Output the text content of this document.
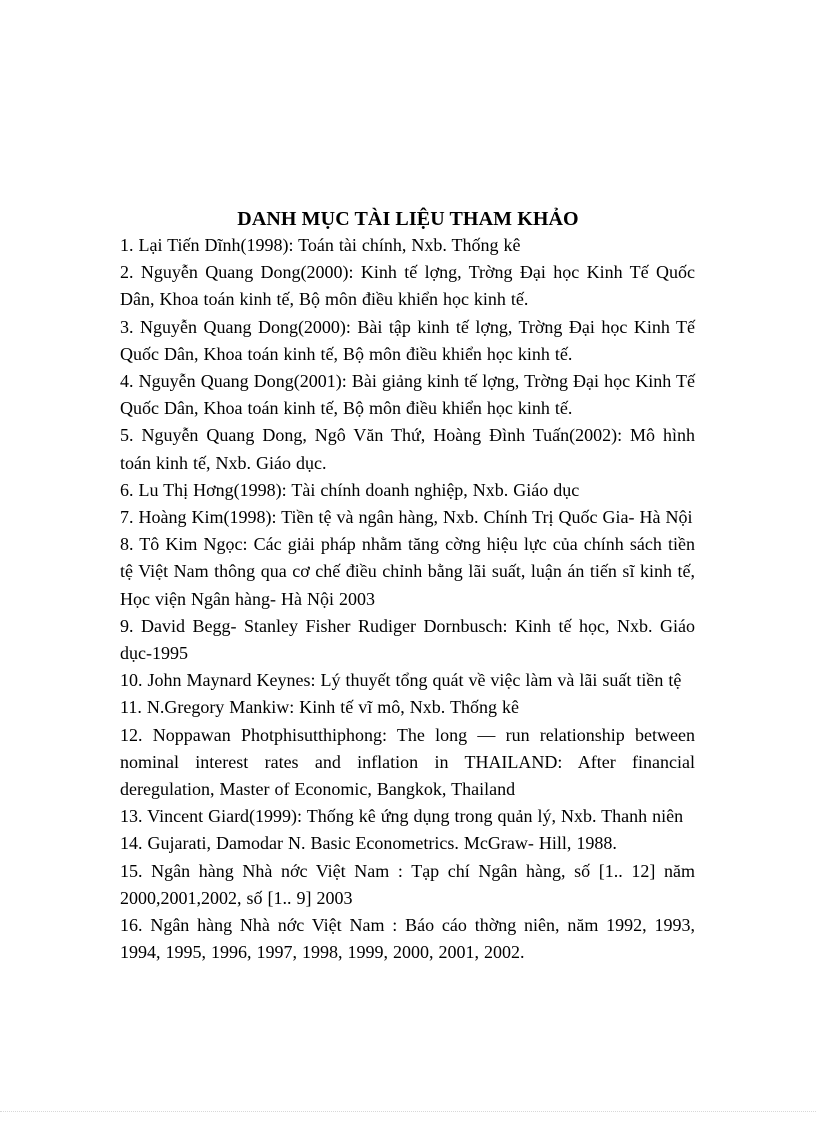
DANH MỤC TÀI LIỆU THAM KHẢO
1. Lại Tiến Dĩnh(1998): Toán tài chính, Nxb. Thống kê
2. Nguyễn Quang Dong(2000): Kinh tế lợng, Trờng Đại học Kinh Tế Quốc Dân, Khoa toán kinh tế, Bộ môn điều khiển học kinh tế.
3. Nguyễn Quang Dong(2000): Bài tập kinh tế lợng, Trờng Đại học Kinh Tế Quốc Dân, Khoa toán kinh tế, Bộ môn điều khiển học kinh tế.
4. Nguyễn Quang Dong(2001): Bài giảng kinh tế lợng, Trờng Đại học Kinh Tế Quốc Dân, Khoa toán kinh tế, Bộ môn điều khiển học kinh tế.
5. Nguyễn Quang Dong, Ngô Văn Thứ, Hoàng Đình Tuấn(2002): Mô hình toán kinh tế, Nxb. Giáo dục.
6. Lu Thị Hơng(1998): Tài chính doanh nghiệp, Nxb. Giáo dục
7. Hoàng Kim(1998): Tiền tệ và ngân hàng, Nxb. Chính Trị Quốc Gia- Hà Nội
8. Tô Kim Ngọc: Các giải pháp nhằm tăng cờng hiệu lực của chính sách tiền tệ Việt Nam thông qua cơ chế điều chỉnh bằng lãi suất, luận án tiến sĩ kinh tế, Học viện Ngân hàng- Hà Nội 2003
9. David Begg- Stanley Fisher Rudiger Dornbusch: Kinh tế học, Nxb. Giáo dục-1995
10. John Maynard Keynes: Lý thuyết tổng quát về việc làm và lãi suất tiền tệ
11. N.Gregory Mankiw: Kinh tế vĩ mô, Nxb. Thống kê
12. Noppawan Photphisutthiphong: The long — run relationship between nominal interest rates and inflation in THAILAND: After financial deregulation, Master of Economic, Bangkok, Thailand
13. Vincent Giard(1999): Thống kê ứng dụng trong quản lý, Nxb. Thanh niên
14. Gujarati, Damodar N. Basic Econometrics. McGraw- Hill, 1988.
15. Ngân hàng Nhà nớc Việt Nam : Tạp chí Ngân hàng, số [1.. 12] năm 2000,2001,2002, số [1.. 9] 2003
16. Ngân hàng Nhà nớc Việt Nam : Báo cáo thờng niên, năm 1992, 1993, 1994, 1995, 1996, 1997, 1998, 1999, 2000, 2001, 2002.
